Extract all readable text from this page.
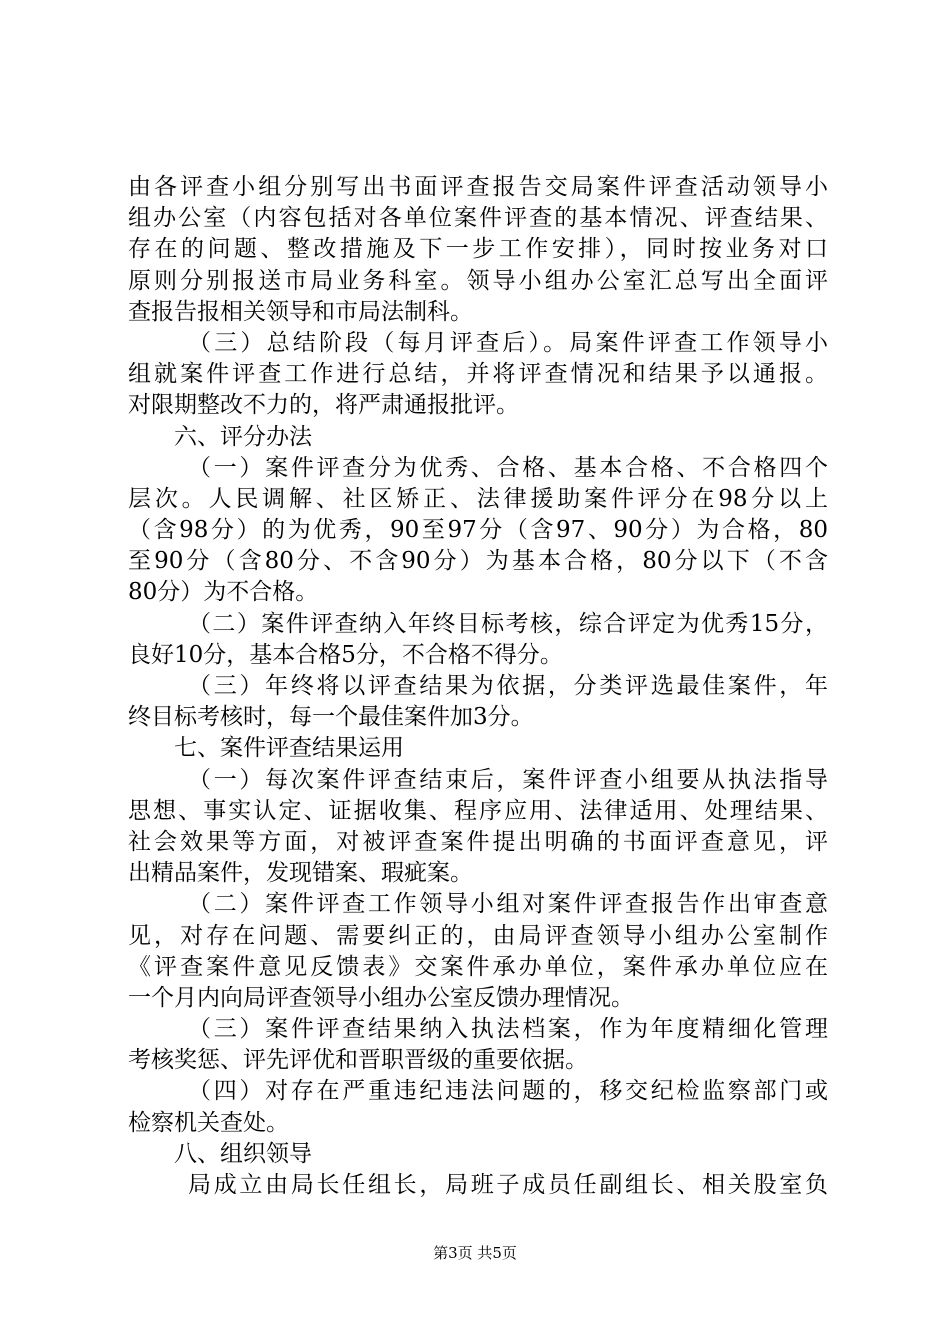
由各评查小组分别写出书面评查报告交局案件评查活动领导小
组办公室（内容包括对各单位案件评查的基本情况、评查结果、
存在的问题、整改措施及下一步工作安排），同时按业务对口
原则分别报送市局业务科室。领导小组办公室汇总写出全面评
查报告报相关领导和市局法制科。
（三）总结阶段（每月评查后）。局案件评查工作领导小
组就案件评查工作进行总结，并将评查情况和结果予以通报。
对限期整改不力的，将严肃通报批评。
六、评分办法
（一）案件评查分为优秀、合格、基本合格、不合格四个
层次。人民调解、社区矫正、法律援助案件评分在98分以上
（含98分）的为优秀，90至97分（含97、90分）为合格，80
至90分（含80分、不含90分）为基本合格，80分以下（不含
80分）为不合格。
（二）案件评查纳入年终目标考核，综合评定为优秀15分，
良好10分，基本合格5分，不合格不得分。
（三）年终将以评查结果为依据，分类评选最佳案件，年
终目标考核时，每一个最佳案件加3分。
七、案件评查结果运用
（一）每次案件评查结束后，案件评查小组要从执法指导
思想、事实认定、证据收集、程序应用、法律适用、处理结果、
社会效果等方面，对被评查案件提出明确的书面评查意见，评
出精品案件，发现错案、瑕疵案。
（二）案件评查工作领导小组对案件评查报告作出审查意
见，对存在问题、需要纠正的，由局评查领导小组办公室制作
《评查案件意见反馈表》交案件承办单位，案件承办单位应在
一个月内向局评查领导小组办公室反馈办理情况。
（三）案件评查结果纳入执法档案，作为年度精细化管理
考核奖惩、评先评优和晋职晋级的重要依据。
（四）对存在严重违纪违法问题的，移交纪检监察部门或
检察机关查处。
八、组织领导
局成立由局长任组长，局班子成员任副组长、相关股室负
第3页 共5页
